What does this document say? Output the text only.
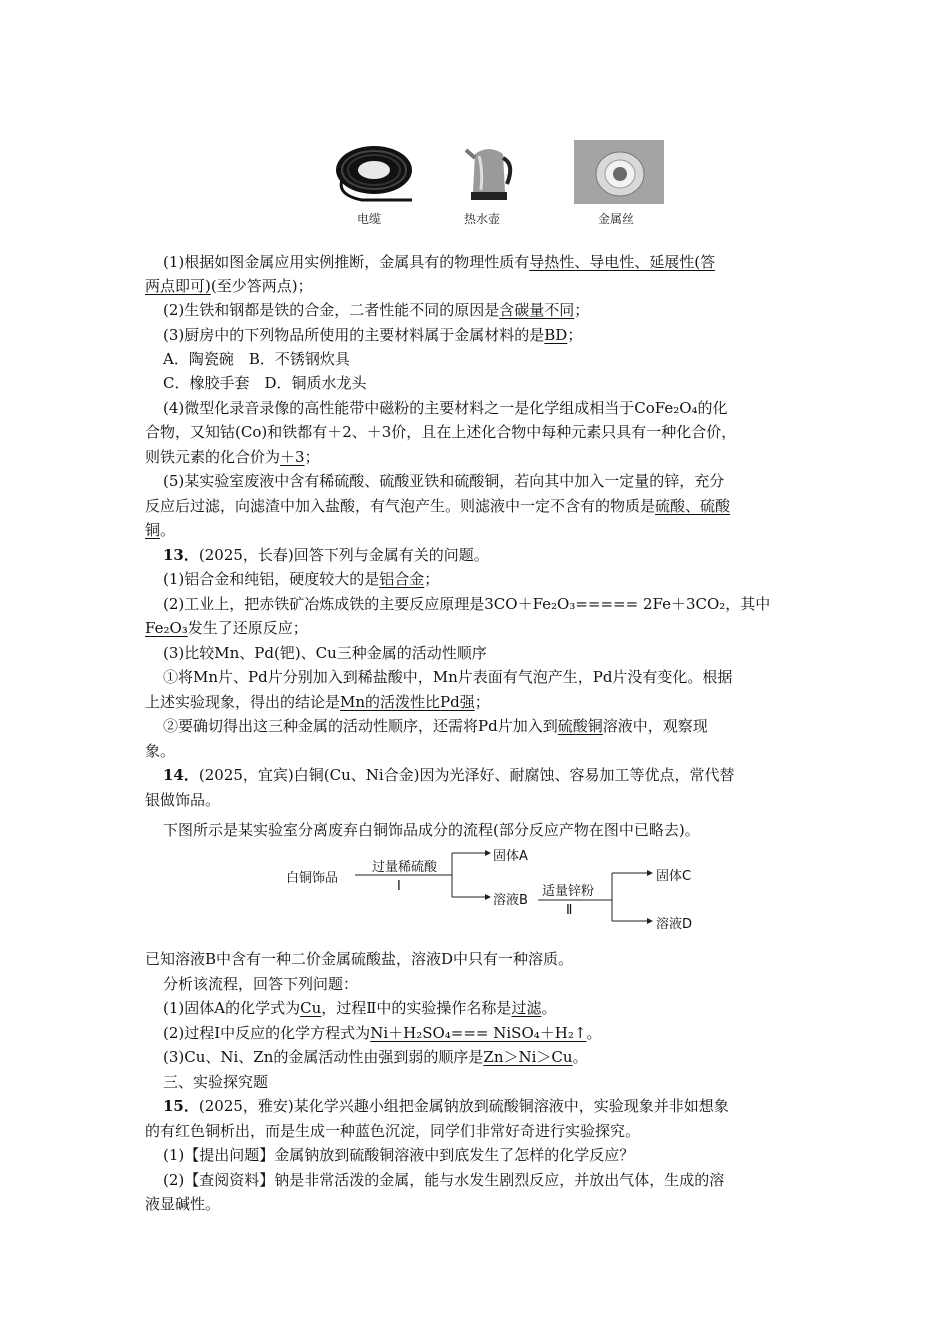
电缆	热水壶	金属丝
(1)根据如图金属应用实例推断，金属具有的物理性质有导热性、导电性、延展性(答
两点即可)(至少答两点)；
(2)生铁和钢都是铁的合金，二者性能不同的原因是含碳量不同；
(3)厨房中的下列物品所使用的主要材料属于金属材料的是BD；
A．陶瓷碗　B．不锈钢炊具
C．橡胶手套　D．铜质水龙头
(4)微型化录音录像的高性能带中磁粉的主要材料之一是化学组成相当于CoFe₂O₄的化
合物，又知钴(Co)和铁都有＋2、＋3价，且在上述化合物中每种元素只具有一种化合价，
则铁元素的化合价为＋3；
(5)某实验室废液中含有稀硫酸、硫酸亚铁和硫酸铜，若向其中加入一定量的锌，充分
反应后过滤，向滤渣中加入盐酸，有气泡产生。则滤液中一定不含有的物质是硫酸、硫酸
铜。
13．(2025，长春)回答下列与金属有关的问题。
(1)铝合金和纯铝，硬度较大的是铝合金；
(2)工业上，把赤铁矿冶炼成铁的主要反应原理是3CO＋Fe₂O₃===== 2Fe＋3CO₂，其中
Fe₂O₃发生了还原反应；
(3)比较Mn、Pd(钯)、Cu三种金属的活动性顺序
①将Mn片、Pd片分别加入到稀盐酸中，Mn片表面有气泡产生，Pd片没有变化。根据
上述实验现象，得出的结论是Mn的活泼性比Pd强；
②要确切得出这三种金属的活动性顺序，还需将Pd片加入到硫酸铜溶液中，观察现
象。
14．(2025，宜宾)白铜(Cu、Ni合金)因为光泽好、耐腐蚀、容易加工等优点，常代替
银做饰品。
下图所示是某实验室分离废弃白铜饰品成分的流程(部分反应产物在图中已略去)。
白铜饰品
过量稀硫酸
Ⅰ
固体A
溶液B
适量锌粉
Ⅱ
固体C
溶液D
已知溶液B中含有一种二价金属硫酸盐，溶液D中只有一种溶质。
分析该流程，回答下列问题：
(1)固体A的化学式为Cu，过程Ⅱ中的实验操作名称是过滤。
(2)过程Ⅰ中反应的化学方程式为Ni＋H₂SO₄=== NiSO₄＋H₂↑。
(3)Cu、Ni、Zn的金属活动性由强到弱的顺序是Zn＞Ni＞Cu。
三、实验探究题
15．(2025，雅安)某化学兴趣小组把金属钠放到硫酸铜溶液中，实验现象并非如想象
的有红色铜析出，而是生成一种蓝色沉淀，同学们非常好奇进行实验探究。
(1)【提出问题】金属钠放到硫酸铜溶液中到底发生了怎样的化学反应？
(2)【查阅资料】钠是非常活泼的金属，能与水发生剧烈反应，并放出气体，生成的溶
液显碱性。
